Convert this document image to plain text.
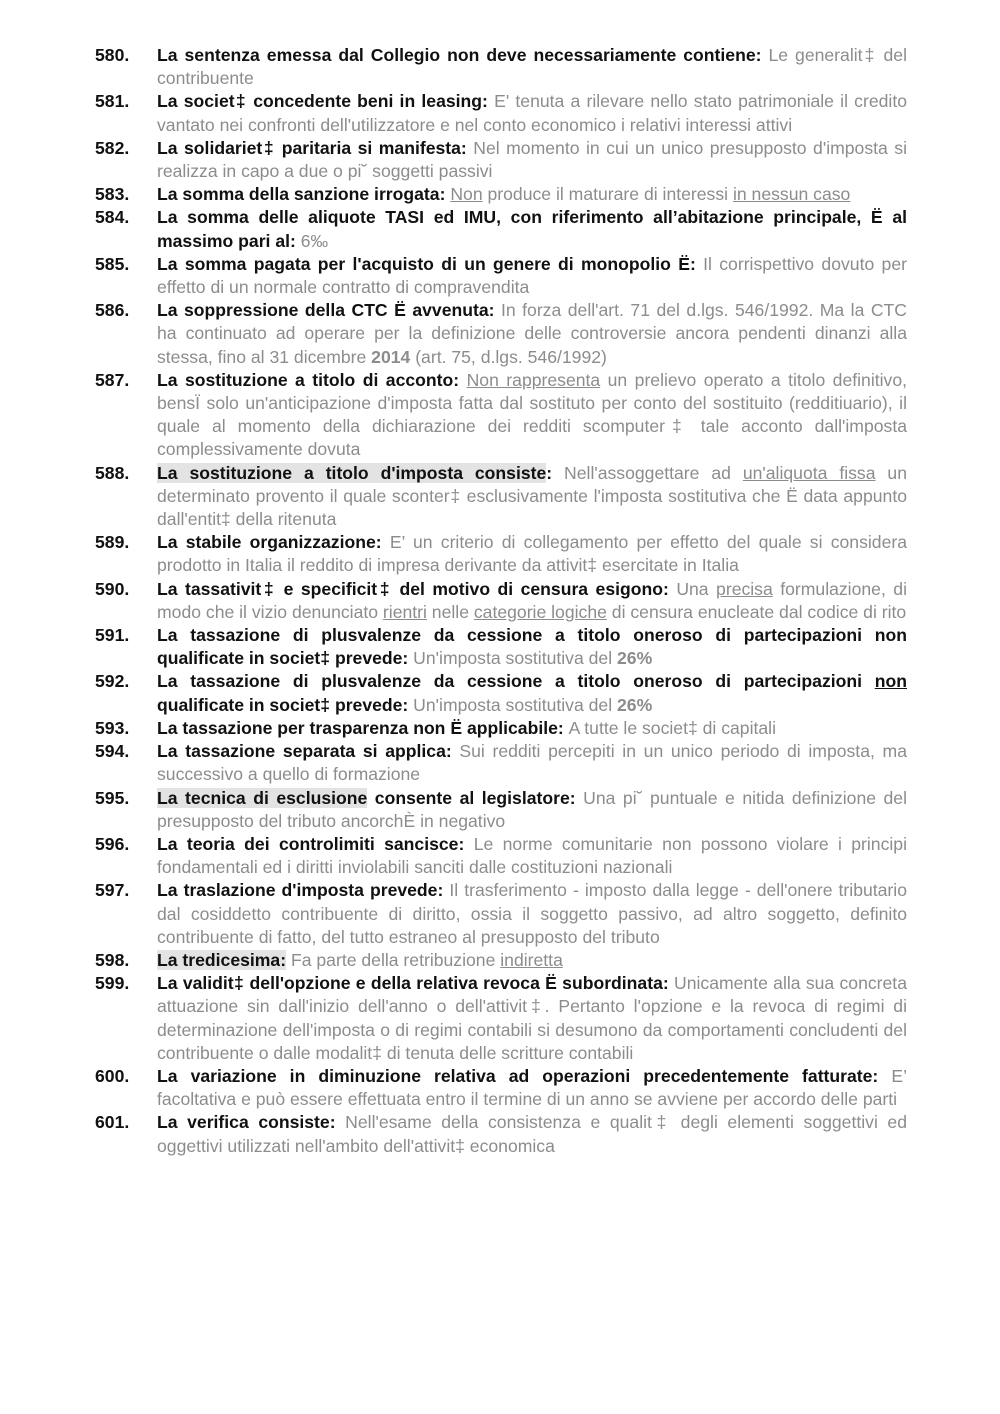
580. La sentenza emessa dal Collegio non deve necessariamente contiene: Le generalit‡ del contribuente
581. La societ‡ concedente beni in leasing: E' tenuta a rilevare nello stato patrimoniale il credito vantato nei confronti dell'utilizzatore e nel conto economico i relativi interessi attivi
582. La solidariet‡ paritaria si manifesta: Nel momento in cui un unico presupposto d'imposta si realizza in capo a due o pi˘ soggetti passivi
583. La somma della sanzione irrogata: Non produce il maturare di interessi in nessun caso
584. La somma delle aliquote TASI ed IMU, con riferimento all’abitazione principale, Ë al massimo pari al: 6‰
585. La somma pagata per l'acquisto di un genere di monopolio Ë: Il corrispettivo dovuto per effetto di un normale contratto di compravendita
586. La soppressione della CTC Ë avvenuta: In forza dell'art. 71 del d.lgs. 546/1992. Ma la CTC ha continuato ad operare per la definizione delle controversie ancora pendenti dinanzi alla stessa, fino al 31 dicembre 2014 (art. 75, d.lgs. 546/1992)
587. La sostituzione a titolo di acconto: Non rappresenta un prelievo operato a titolo definitivo, bensÏ solo un'anticipazione d'imposta fatta dal sostituto per conto del sostituito (redditiuario), il quale al momento della dichiarazione dei redditi scomputer‡ tale acconto dall'imposta complessivamente dovuta
588. La sostituzione a titolo d'imposta consiste: Nell'assoggettare ad un'aliquota fissa un determinato provento il quale sconter‡ esclusivamente l'imposta sostitutiva che Ë data appunto dall'entit‡ della ritenuta
589. La stabile organizzazione: E’ un criterio di collegamento per effetto del quale si considera prodotto in Italia il reddito di impresa derivante da attivit‡ esercitate in Italia
590. La tassativit‡ e specificit‡ del motivo di censura esigono: Una precisa formulazione, di modo che il vizio denunciato rientri nelle categorie logiche di censura enucleate dal codice di rito
591. La tassazione di plusvalenze da cessione a titolo oneroso di partecipazioni non qualificate in societ‡ prevede: Un'imposta sostitutiva del 26%
592. La tassazione di plusvalenze da cessione a titolo oneroso di partecipazioni non qualificate in societ‡ prevede: Un'imposta sostitutiva del 26%
593. La tassazione per trasparenza non Ë applicabile: A tutte le societ‡ di capitali
594. La tassazione separata si applica: Sui redditi percepiti in un unico periodo di imposta, ma successivo a quello di formazione
595. La tecnica di esclusione consente al legislatore: Una pi˘ puntuale e nitida definizione del presupposto del tributo ancorchÈ in negativo
596. La teoria dei controlimiti sancisce: Le norme comunitarie non possono violare i principi fondamentali ed i diritti inviolabili sanciti dalle costituzioni nazionali
597. La traslazione d'imposta prevede: Il trasferimento - imposto dalla legge - dell'onere tributario dal cosiddetto contribuente di diritto, ossia il soggetto passivo, ad altro soggetto, definito contribuente di fatto, del tutto estraneo al presupposto del tributo
598. La tredicesima: Fa parte della retribuzione indiretta
599. La validit‡ dell'opzione e della relativa revoca Ë subordinata: Unicamente alla sua concreta attuazione sin dall'inizio dell'anno o dell'attivit‡. Pertanto l'opzione e la revoca di regimi di determinazione dell'imposta o di regimi contabili si desumono da comportamenti concludenti del contribuente o dalle modalit‡ di tenuta delle scritture contabili
600. La variazione in diminuzione relativa ad operazioni precedentemente fatturate: E’ facoltativa e può essere effettuata entro il termine di un anno se avviene per accordo delle parti
601. La verifica consiste: Nell'esame della consistenza e qualit‡ degli elementi soggettivi ed oggettivi utilizzati nell'ambito dell'attivit‡ economica
